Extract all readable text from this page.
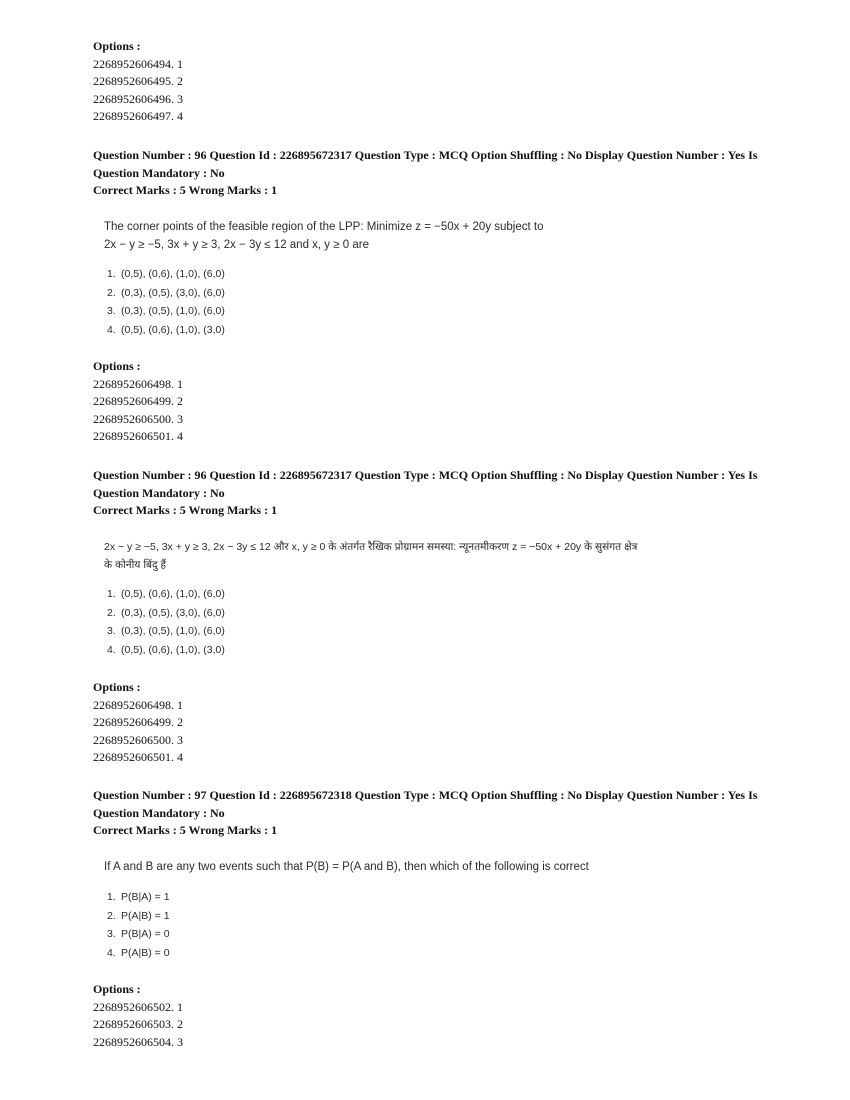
Options :
2268952606494. 1
2268952606495. 2
2268952606496. 3
2268952606497. 4
Question Number : 96 Question Id : 226895672317 Question Type : MCQ Option Shuffling : No Display Question Number : Yes Is
Question Mandatory : No
Correct Marks : 5 Wrong Marks : 1
The corner points of the feasible region of the LPP: Minimize z = −50x + 20y subject to
2x − y ≥ −5, 3x + y ≥ 3, 2x − 3y ≤ 12 and x, y ≥ 0 are
1. (0,5), (0,6), (1,0), (6,0)
2. (0,3), (0,5), (3,0), (6,0)
3. (0,3), (0,5), (1,0), (6,0)
4. (0,5), (0,6), (1,0), (3,0)
Options :
2268952606498. 1
2268952606499. 2
2268952606500. 3
2268952606501. 4
Question Number : 96 Question Id : 226895672317 Question Type : MCQ Option Shuffling : No Display Question Number : Yes Is
Question Mandatory : No
Correct Marks : 5 Wrong Marks : 1
2x − y ≥ −5, 3x + y ≥ 3, 2x − 3y ≤ 12 और x, y ≥ 0 के अंतर्गत रैखिक प्रोग्रामन समस्या: न्यूनतमीकरण z = −50x + 20y के सुसंगत क्षेत्र
के कोनीय बिंदु हैं
1. (0,5), (0,6), (1,0), (6,0)
2. (0,3), (0,5), (3,0), (6,0)
3. (0,3), (0,5), (1,0), (6,0)
4. (0,5), (0,6), (1,0), (3,0)
Options :
2268952606498. 1
2268952606499. 2
2268952606500. 3
2268952606501. 4
Question Number : 97 Question Id : 226895672318 Question Type : MCQ Option Shuffling : No Display Question Number : Yes Is
Question Mandatory : No
Correct Marks : 5 Wrong Marks : 1
If A and B are any two events such that P(B) = P(A and B), then which of the following is correct
1. P(B|A) = 1
2. P(A|B) = 1
3. P(B|A) = 0
4. P(A|B) = 0
Options :
2268952606502. 1
2268952606503. 2
2268952606504. 3
